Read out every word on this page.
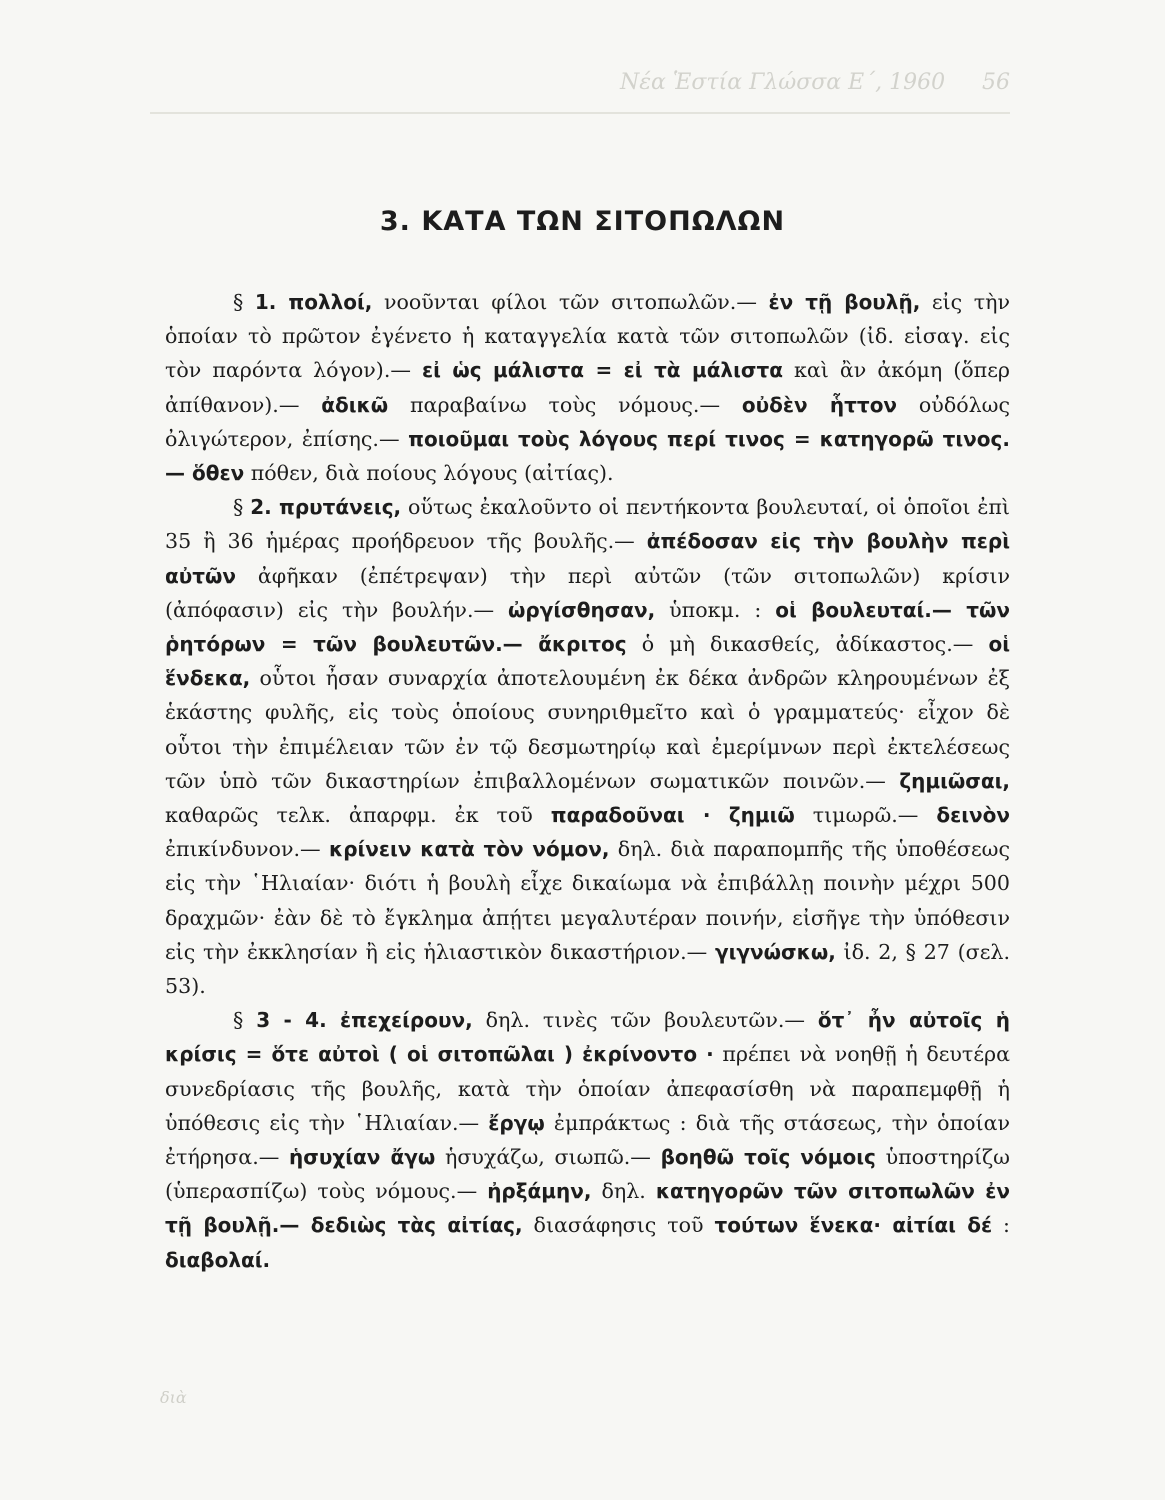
Νέα Ἑστία Γλώσσα Ε΄, 1960 56
3. ΚΑΤΑ ΤΩΝ ΣΙΤΟΠΩΛΩΝ

§ 1. πολλοί, νοοῦνται φίλοι τῶν σιτοπωλῶν.— ἐν τῇ βουλῇ, εἰς τὴν ὁποίαν τὸ πρῶτον ἐγένετο ἡ καταγγελία κατὰ τῶν σιτοπωλῶν (ἰδ. εἰσαγ. εἰς τὸν παρόντα λόγον).— εἰ ὡς μάλιστα = εἰ τὰ μάλιστα καὶ ἂν ἀκόμη (ὅπερ ἀπίθανον).— ἀδικῶ παραβαίνω τοὺς νόμους.— οὐδὲν ἧττον οὐδόλως ὀλιγώτερον, ἐπίσης.— ποιοῦμαι τοὺς λόγους περί τινος = κατηγορῶ τινος.— ὅθεν πόθεν, διὰ ποίους λόγους (αἰτίας).

§ 2. πρυτάνεις, οὕτως ἐκαλοῦντο οἱ πεντήκοντα βουλευταί, οἱ ὁποῖοι ἐπὶ 35 ἢ 36 ἡμέρας προήδρευον τῆς βουλῆς.— ἀπέδοσαν εἰς τὴν βουλὴν περὶ αὐτῶν ἀφῆκαν (ἐπέτρεψαν) τὴν περὶ αὐτῶν (τῶν σιτοπωλῶν) κρίσιν (ἀπόφασιν) εἰς τὴν βουλήν.— ὠργίσθησαν, ὑποκμ. : οἱ βουλευταί.— τῶν ῥητόρων = τῶν βουλευτῶν.— ἄκριτος ὁ μὴ δικασθείς, ἀδίκαστος.— οἱ ἕνδεκα, οὗτοι ἦσαν συναρχία ἀποτελουμένη ἐκ δέκα ἀνδρῶν κληρουμένων ἐξ ἑκάστης φυλῆς, εἰς τοὺς ὁποίους συνηριθμεῖτο καὶ ὁ γραμματεύς· εἶχον δὲ οὗτοι τὴν ἐπιμέλειαν τῶν ἐν τῷ δεσμωτηρίῳ καὶ ἐμερίμνων περὶ ἐκτελέσεως τῶν ὑπὸ τῶν δικαστηρίων ἐπιβαλλομένων σωματικῶν ποινῶν.— ζημιῶσαι, καθαρῶς τελκ. ἀπαρφμ. ἐκ τοῦ παραδοῦναι · ζημιῶ τιμωρῶ.— δεινὸν ἐπικίνδυνον.— κρίνειν κατὰ τὸν νόμον, δηλ. διὰ παραπομπῆς τῆς ὑποθέσεως εἰς τὴν ῾Ηλιαίαν· διότι ἡ βουλὴ εἶχε δικαίωμα νὰ ἐπιβάλλῃ ποινὴν μέχρι 500 δραχμῶν· ἐὰν δὲ τὸ ἔγκλημα ἀπῄτει μεγαλυτέραν ποινήν, εἰσῆγε τὴν ὑπόθεσιν εἰς τὴν ἐκκλησίαν ἢ εἰς ἡλιαστικὸν δικαστήριον.— γιγνώσκω, ἰδ. 2, § 27 (σελ. 53).

§ 3 - 4. ἐπεχείρουν, δηλ. τινὲς τῶν βουλευτῶν.— ὅτ᾽ ἦν αὐτοῖς ἡ κρίσις = ὅτε αὐτοὶ ( οἱ σιτοπῶλαι ) ἐκρίνοντο · πρέπει νὰ νοηθῇ ἡ δευτέρα συνεδρίασις τῆς βουλῆς, κατὰ τὴν ὁποίαν ἀπεφασίσθη νὰ παραπεμφθῇ ἡ ὑπόθεσις εἰς τὴν ῾Ηλιαίαν.— ἔργῳ ἐμπράκτως : διὰ τῆς στάσεως, τὴν ὁποίαν ἐτήρησα.— ἡσυχίαν ἄγω ἡσυχάζω, σιωπῶ.— βοηθῶ τοῖς νόμοις ὑποστηρίζω (ὑπερασπίζω) τοὺς νόμους.— ἠρξάμην, δηλ. κατηγορῶν τῶν σιτοπωλῶν ἐν τῇ βουλῇ.— δεδιὼς τὰς αἰτίας, διασάφησις τοῦ τούτων ἕνεκα· αἰτίαι δέ : διαβολαί.

διὰ
